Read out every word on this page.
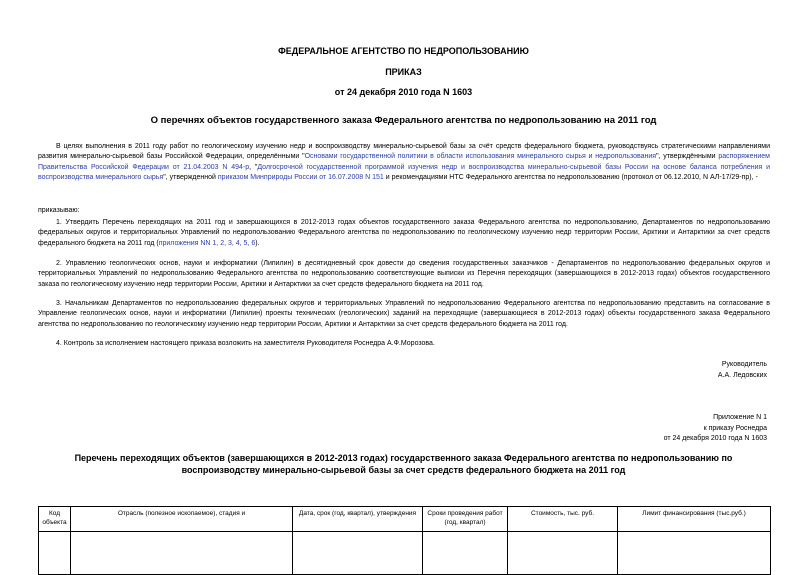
ФЕДЕРАЛЬНОЕ АГЕНТСТВО ПО НЕДРОПОЛЬЗОВАНИЮ
ПРИКАЗ
от 24 декабря 2010 года N 1603
О перечнях объектов государственного заказа Федерального агентства по недропользованию на 2011 год
В целях выполнения в 2011 году работ по геологическому изучению недр и воспроизводству минерально-сырьевой базы за счёт средств федерального бюджета, руководствуясь стратегическими направлениями развития минерально-сырьевой базы Российской Федерации, определёнными "Основами государственной политики в области использования минерального сырья и недропользования", утверждёнными распоряжением Правительства Российской Федерации от 21.04.2003 N 494-р, "Долгосрочной государственной программой изучения недр и воспроизводства минерально-сырьевой базы России на основе баланса потребления и воспроизводства минерального сырья", утвержденной приказом Минприроды России от 16.07.2008 N 151 и рекомендациями НТС Федерального агентства по недропользованию (протокол от 06.12.2010, N АЛ-17/29-пр), -
приказываю:
1. Утвердить Перечень переходящих на 2011 год и завершающихся в 2012-2013 годах объектов государственного заказа Федерального агентства по недропользованию, Департаментов по недропользованию федеральных округов и территориальных Управлений по недропользованию Федерального агентства по недропользованию по геологическому изучению недр территории России, Арктики и Антарктики за счет средств федерального бюджета на 2011 год (приложения NN 1, 2, 3, 4, 5, 6).
2. Управлению геологических основ, науки и информатики (Липилин) в десятидневный срок довести до сведения государственных заказчиков - Департаментов по недропользованию федеральных округов и территориальных Управлений по недропользованию Федерального агентства по недропользованию соответствующие выписки из Перечня переходящих (завершающихся в 2012-2013 годах) объектов государственного заказа по геологическому изучению недр территории России, Арктики и Антарктики за счет средств федерального бюджета на 2011 год.
3. Начальникам Департаментов по недропользованию федеральных округов и территориальных Управлений по недропользованию Федерального агентства по недропользованию представить на согласование в Управление геологических основ, науки и информатики (Липилин) проекты технических (геологических) заданий на переходящие (завершающиеся в 2012-2013 годах) объекты государственного заказа Федерального агентства по недропользованию по геологическому изучению недр территории России, Арктики и Антарктики за счет средств федерального бюджета на 2011 год.
4. Контроль за исполнением настоящего приказа возложить на заместителя Руководителя Роснедра А.Ф.Морозова.
Руководитель
А.А. Ледовских
Приложение N 1
к приказу Роснедра
от 24 декабря 2010 года N 1603
Перечень переходящих объектов (завершающихся в 2012-2013 годах) государственного заказа Федерального агентства по недропользованию по
воспроизводству минерально-сырьевой базы за счет средств федерального бюджета на 2011 год
Код объекта	Отрасль (полезное ископаемое), стадия и	Дата, срок (год, квартал), утверждения	Сроки проведения работ (год, квартал)	Стоимость, тыс. руб.	Лимит финансирования (тыс.руб.)
